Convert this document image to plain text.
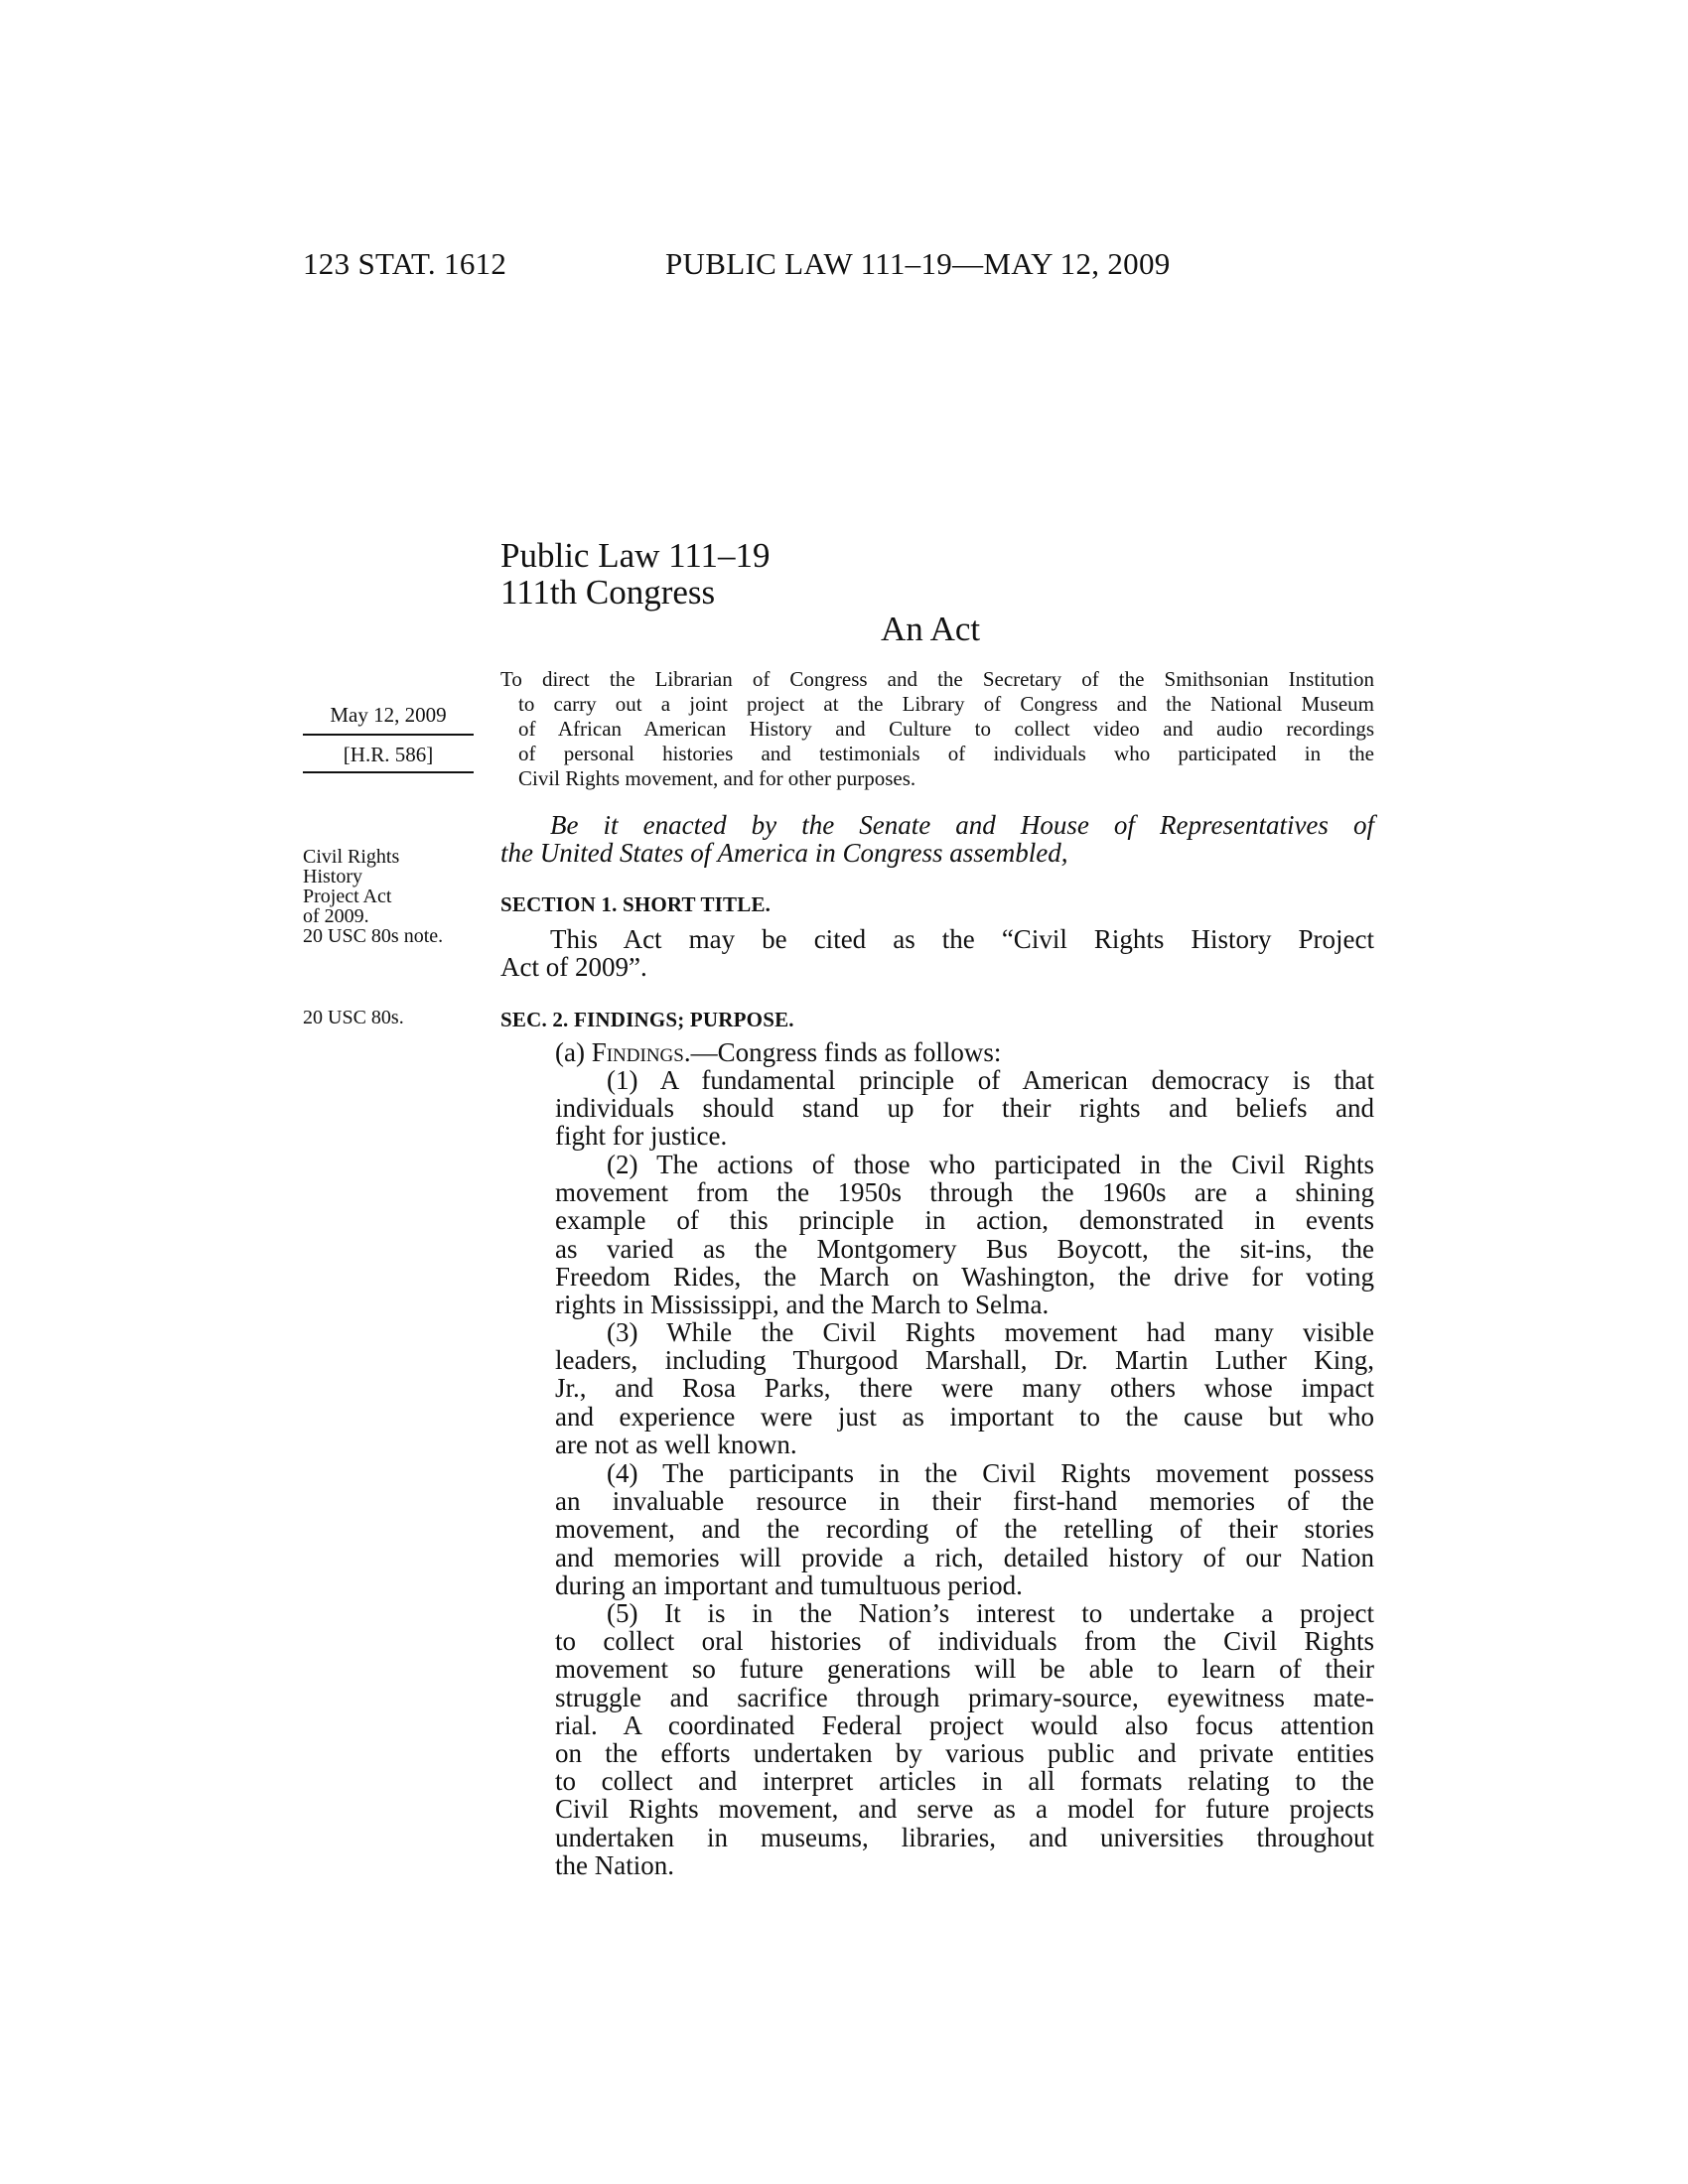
123 STAT. 1612	PUBLIC LAW 111–19—MAY 12, 2009
Public Law 111–19
111th Congress
An Act
To direct the Librarian of Congress and the Secretary of the Smithsonian Institution
to carry out a joint project at the Library of Congress and the National Museum
of African American History and Culture to collect video and audio recordings
of personal histories and testimonials of individuals who participated in the
Civil Rights movement, and for other purposes.
May 12, 2009
[H.R. 586]
Civil Rights
History
Project Act
of 2009.
20 USC 80s note.
20 USC 80s.
Be it enacted by the Senate and House of Representatives of
the United States of America in Congress assembled,
SECTION 1. SHORT TITLE.
This Act may be cited as the “Civil Rights History Project
Act of 2009”.
SEC. 2. FINDINGS; PURPOSE.
(a) Findings.—Congress finds as follows:
(1) A fundamental principle of American democracy is that
individuals should stand up for their rights and beliefs and
fight for justice.
(2) The actions of those who participated in the Civil Rights
movement from the 1950s through the 1960s are a shining
example of this principle in action, demonstrated in events
as varied as the Montgomery Bus Boycott, the sit-ins, the
Freedom Rides, the March on Washington, the drive for voting
rights in Mississippi, and the March to Selma.
(3) While the Civil Rights movement had many visible
leaders, including Thurgood Marshall, Dr. Martin Luther King,
Jr., and Rosa Parks, there were many others whose impact
and experience were just as important to the cause but who
are not as well known.
(4) The participants in the Civil Rights movement possess
an invaluable resource in their first-hand memories of the
movement, and the recording of the retelling of their stories
and memories will provide a rich, detailed history of our Nation
during an important and tumultuous period.
(5) It is in the Nation’s interest to undertake a project
to collect oral histories of individuals from the Civil Rights
movement so future generations will be able to learn of their
struggle and sacrifice through primary-source, eyewitness mate-
rial. A coordinated Federal project would also focus attention
on the efforts undertaken by various public and private entities
to collect and interpret articles in all formats relating to the
Civil Rights movement, and serve as a model for future projects
undertaken in museums, libraries, and universities throughout
the Nation.
